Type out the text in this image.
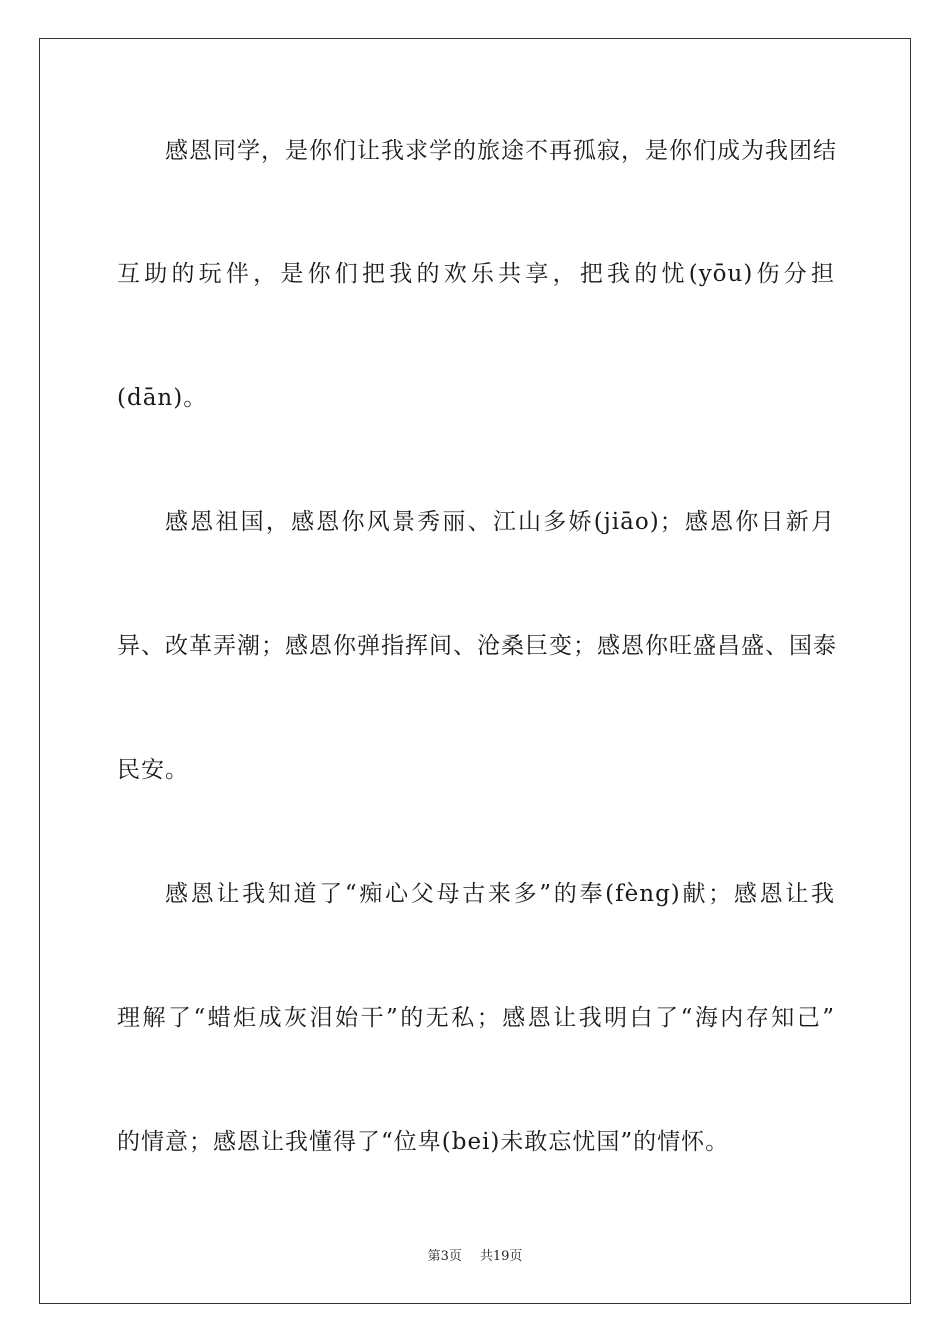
感恩同学，是你们让我求学的旅途不再孤寂，是你们成为我团结
互助的玩伴，是你们把我的欢乐共享，把我的忧(yōu)伤分担
(dān)。
感恩祖国，感恩你风景秀丽、江山多娇(jiāo)；感恩你日新月
异、改革弄潮；感恩你弹指挥间、沧桑巨变；感恩你旺盛昌盛、国泰
民安。
感恩让我知道了“痴心父母古来多”的奉(fèng)献；感恩让我
理解了“蜡炬成灰泪始干”的无私；感恩让我明白了“海内存知己”
的情意；感恩让我懂得了“位卑(bei)未敢忘忧国”的情怀。
第3页 共19页
